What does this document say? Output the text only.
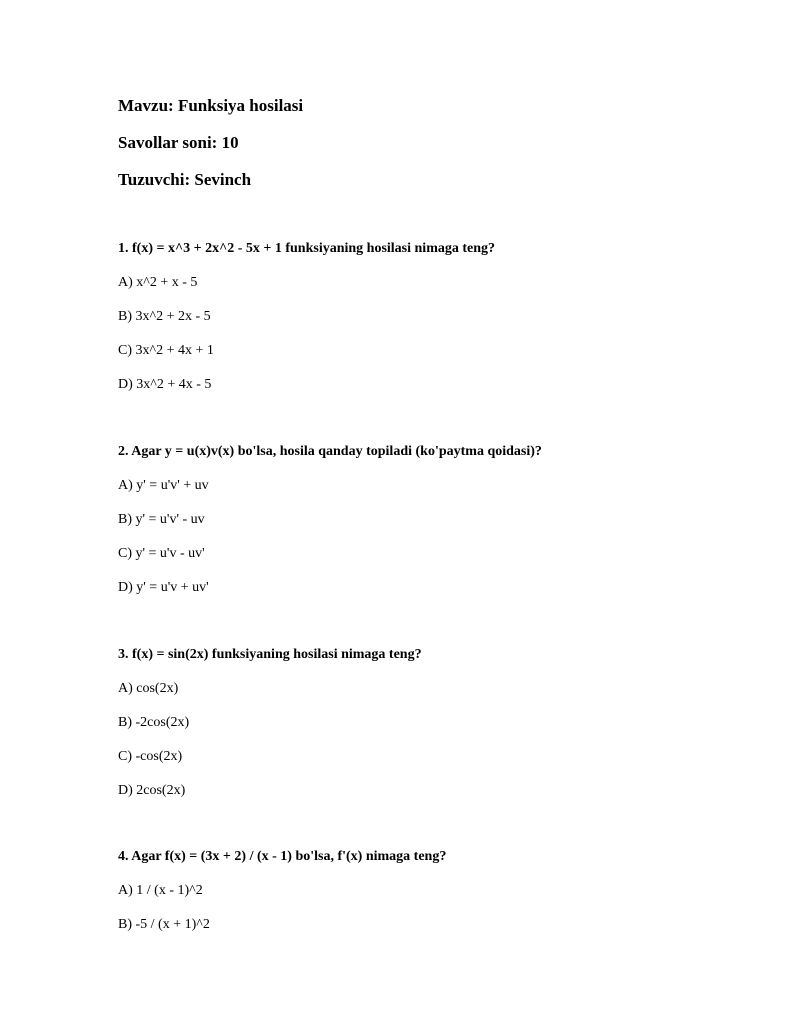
Mavzu: Funksiya hosilasi
Savollar soni: 10
Tuzuvchi: Sevinch
1. f(x) = x^3 + 2x^2 - 5x + 1 funksiyaning hosilasi nimaga teng?
A) x^2 + x - 5
B) 3x^2 + 2x - 5
C) 3x^2 + 4x + 1
D) 3x^2 + 4x - 5
2. Agar y = u(x)v(x) bo'lsa, hosila qanday topiladi (ko'paytma qoidasi)?
A) y' = u'v' + uv
B) y' = u'v' - uv
C) y' = u'v - uv'
D) y' = u'v + uv'
3. f(x) = sin(2x) funksiyaning hosilasi nimaga teng?
A) cos(2x)
B) -2cos(2x)
C) -cos(2x)
D) 2cos(2x)
4. Agar f(x) = (3x + 2) / (x - 1) bo'lsa, f'(x) nimaga teng?
A) 1 / (x - 1)^2
B) -5 / (x + 1)^2
